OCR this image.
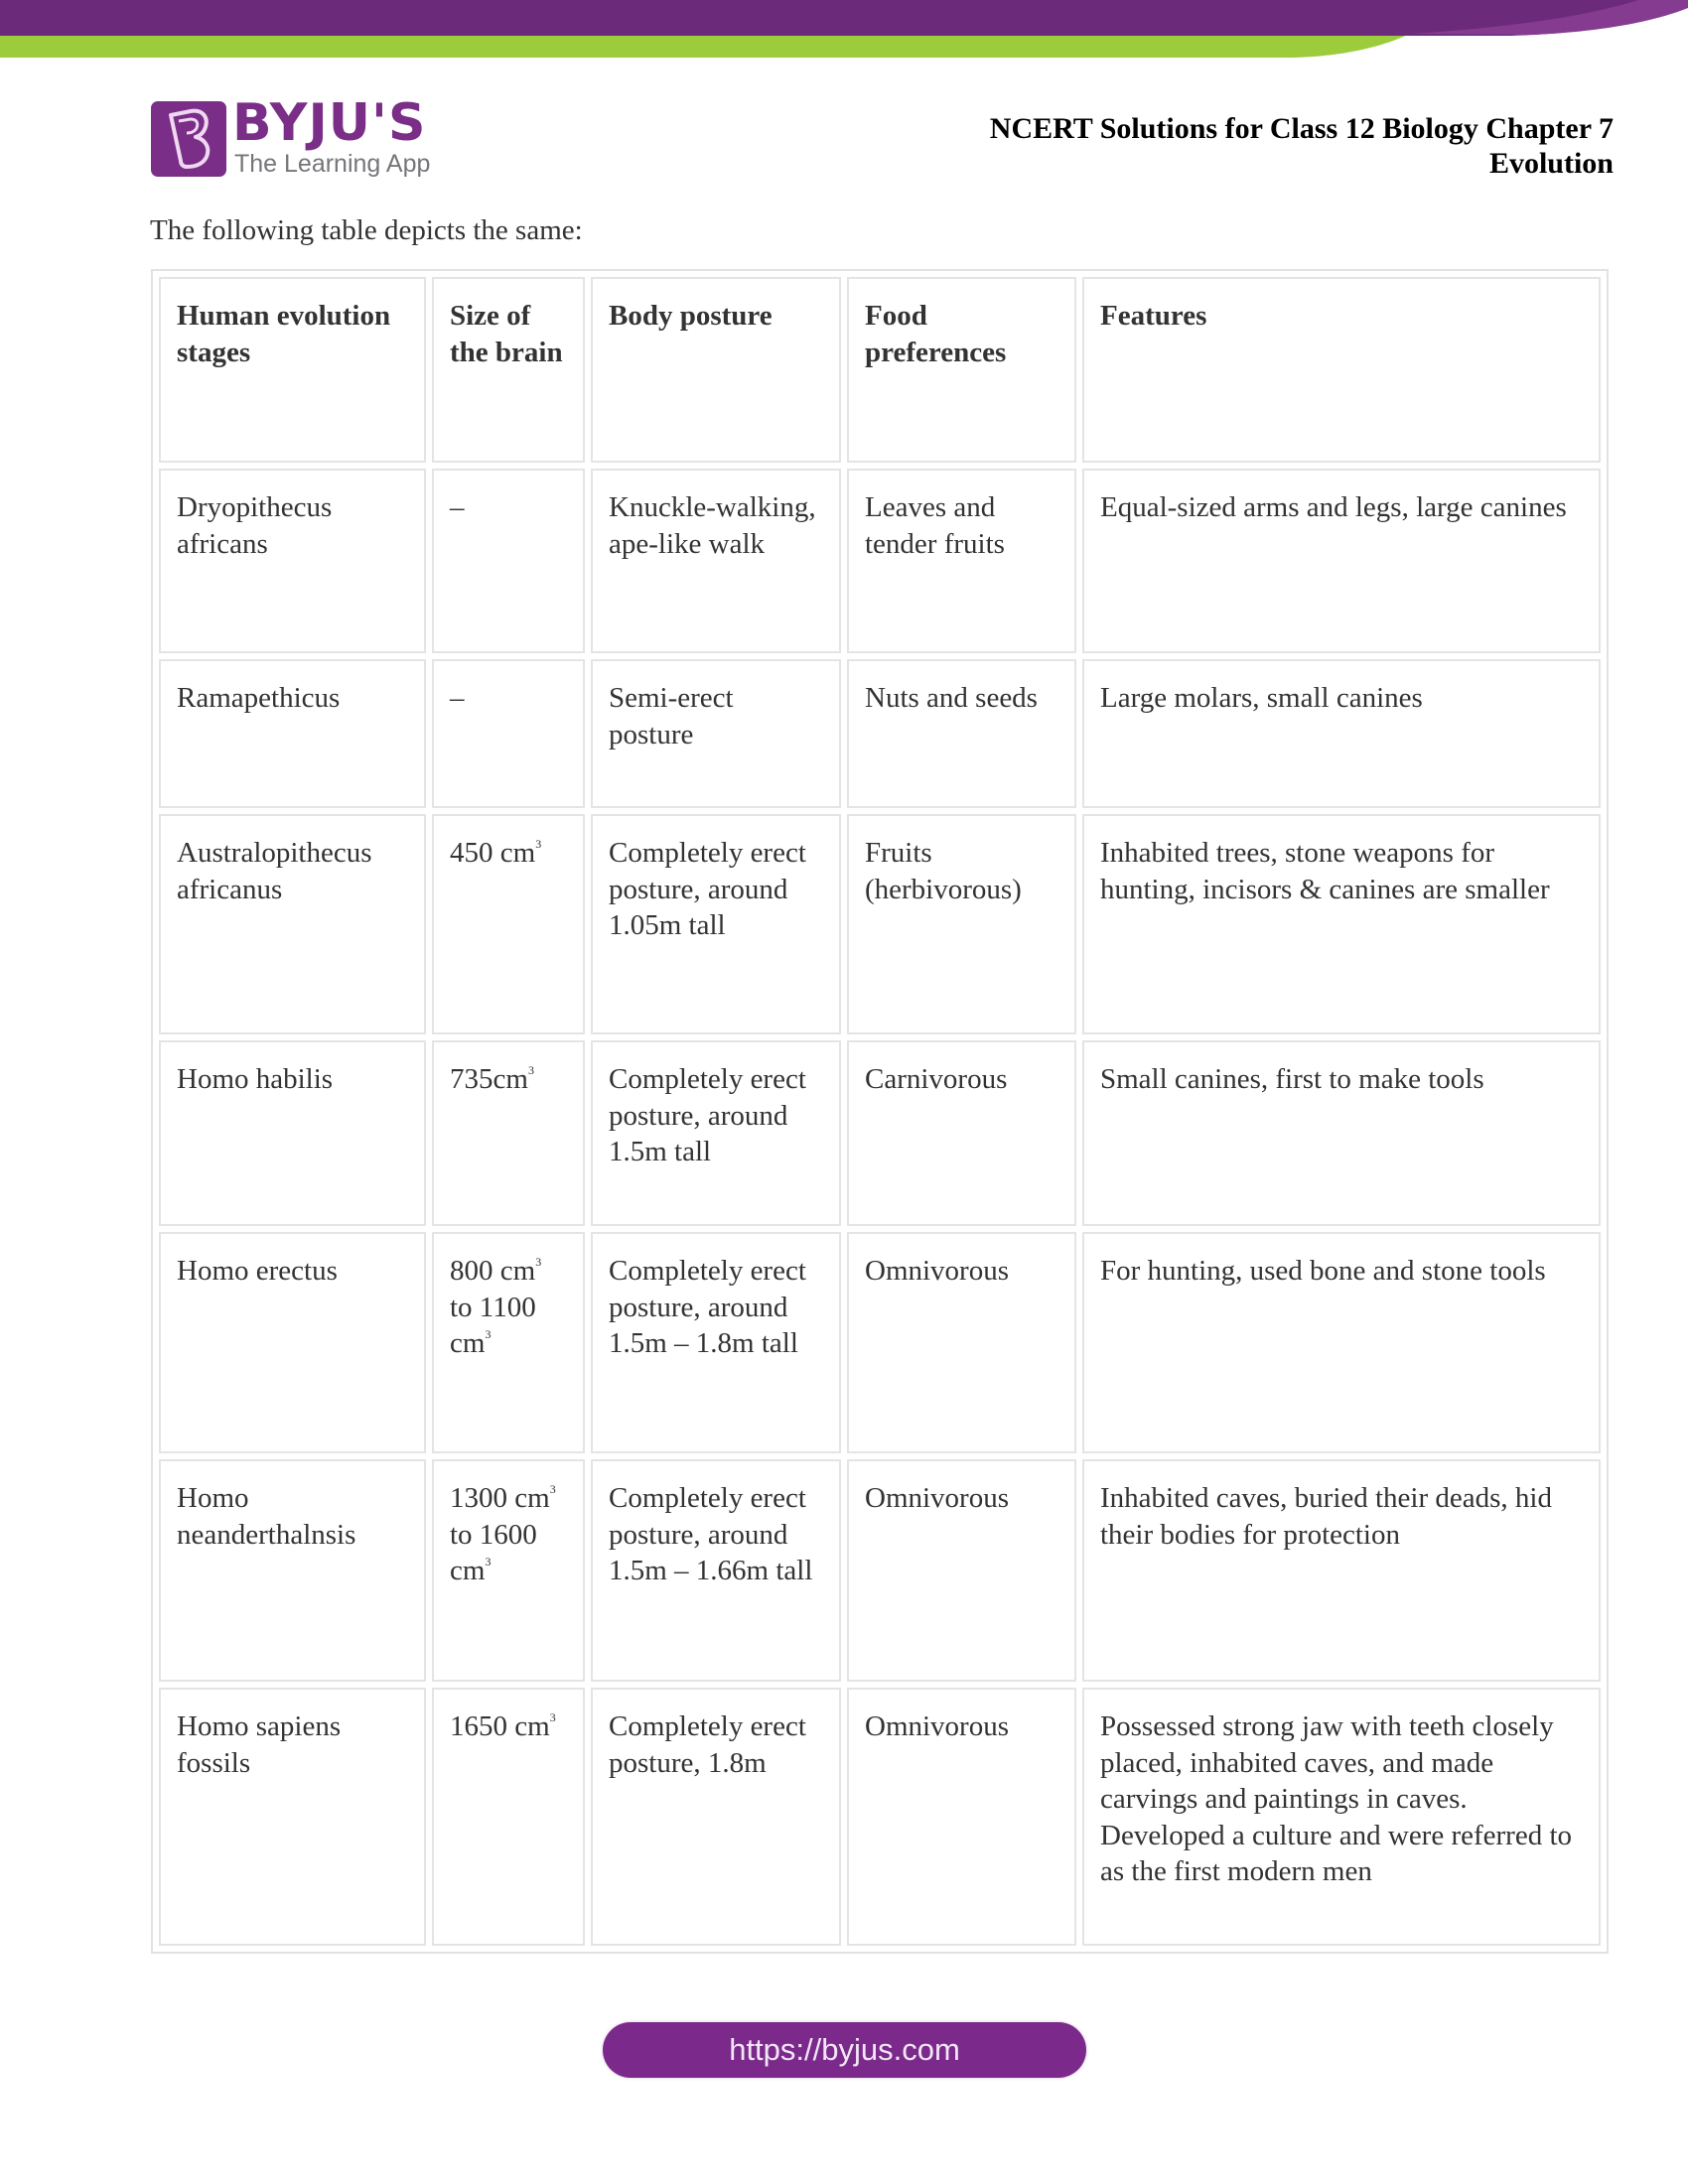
BYJU'S
The Learning App
NCERT Solutions for Class 12 Biology Chapter 7
Evolution

The following table depicts the same:

Human evolution stages	Size of the brain	Body posture	Food preferences	Features
Dryopithecus africans	–	Knuckle-walking, ape-like walk	Leaves and tender fruits	Equal-sized arms and legs, large canines
Ramapethicus	–	Semi-erect posture	Nuts and seeds	Large molars, small canines
Australopithecus africanus	450 $cm^3$	Completely erect posture, around 1.05m tall	Fruits (herbivorous)	Inhabited trees, stone weapons for hunting, incisors & canines are smaller
Homo habilis	$735cm^3$	Completely erect posture, around 1.5m tall	Carnivorous	Small canines, first to make tools
Homo erectus	800 $cm^3$ to 1100 $cm^3$	Completely erect posture, around 1.5m – 1.8m tall	Omnivorous	For hunting, used bone and stone tools
Homo neanderthalnsis	1300 $cm^3$ to 1600 $cm^3$	Completely erect posture, around 1.5m – 1.66m tall	Omnivorous	Inhabited caves, buried their deads, hid their bodies for protection
Homo sapiens fossils	1650 $cm^3$	Completely erect posture, 1.8m	Omnivorous	Possessed strong jaw with teeth closely placed, inhabited caves, and made carvings and paintings in caves. Developed a culture and were referred to as the first modern men
https://byjus.com
